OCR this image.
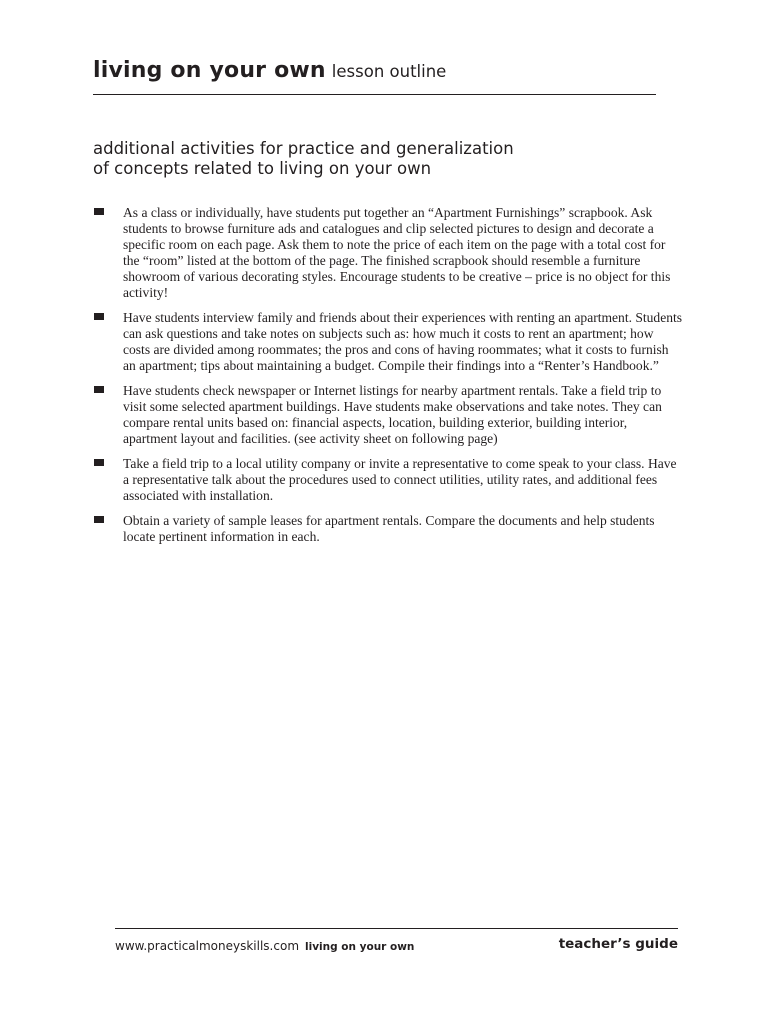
living on your own lesson outline
additional activities for practice and generalization
of concepts related to living on your own
As a class or individually, have students put together an “Apartment Furnishings” scrapbook. Ask students to browse furniture ads and catalogues and clip selected pictures to design and decorate a specific room on each page. Ask them to note the price of each item on the page with a total cost for the “room” listed at the bottom of the page. The finished scrapbook should resemble a furniture showroom of various decorating styles. Encourage students to be creative – price is no object for this activity!
Have students interview family and friends about their experiences with renting an apartment. Students can ask questions and take notes on subjects such as: how much it costs to rent an apartment; how costs are divided among roommates; the pros and cons of having roommates; what it costs to furnish an apartment; tips about maintaining a budget. Compile their findings into a “Renter’s Handbook.”
Have students check newspaper or Internet listings for nearby apartment rentals. Take a field trip to visit some selected apartment buildings. Have students make observations and take notes. They can compare rental units based on: financial aspects, location, building exterior, building interior, apartment layout and facilities. (see activity sheet on following page)
Take a field trip to a local utility company or invite a representative to come speak to your class. Have a representative talk about the procedures used to connect utilities, utility rates, and additional fees associated with installation.
Obtain a variety of sample leases for apartment rentals. Compare the documents and help students locate pertinent information in each.
www.practicalmoneyskills.com living on your own	teacher’s guide
